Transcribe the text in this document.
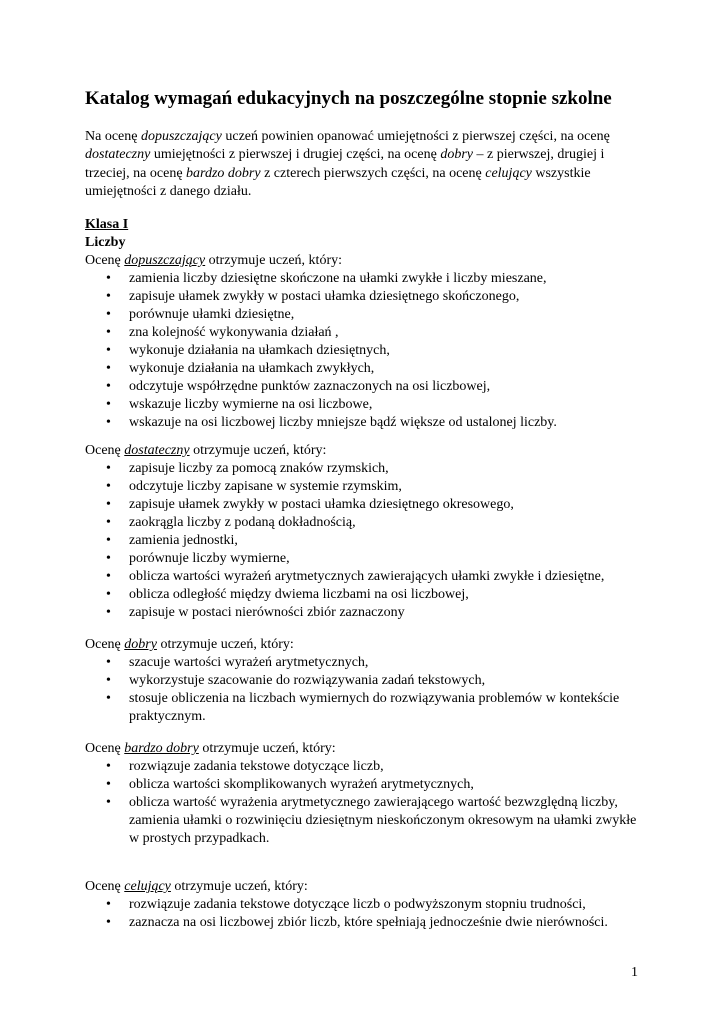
Katalog wymagań edukacyjnych na poszczególne stopnie szkolne

Na ocenę dopuszczający uczeń powinien opanować umiejętności z pierwszej części, na ocenę dostateczny umiejętności z pierwszej i drugiej części, na ocenę dobry – z pierwszej, drugiej i trzeciej, na ocenę bardzo dobry z czterech pierwszych części, na ocenę celujący wszystkie umiejętności z danego działu.

Klasa I

Liczby

Ocenę dopuszczający otrzymuje uczeń, który:

• zamienia liczby dziesiętne skończone na ułamki zwykłe i liczby mieszane,
• zapisuje ułamek zwykły w postaci ułamka dziesiętnego skończonego,
• porównuje ułamki dziesiętne,
• zna kolejność wykonywania działań ,
• wykonuje działania na ułamkach dziesiętnych,
• wykonuje działania na ułamkach zwykłych,
• odczytuje współrzędne punktów zaznaczonych na osi liczbowej,
• wskazuje liczby wymierne na osi liczbowe,
• wskazuje na osi liczbowej liczby mniejsze bądź większe od ustalonej liczby.

Ocenę dostateczny otrzymuje uczeń, który:

• zapisuje liczby za pomocą znaków rzymskich,
• odczytuje liczby zapisane w systemie rzymskim,
• zapisuje ułamek zwykły w postaci ułamka dziesiętnego okresowego,
• zaokrągla liczby z podaną dokładnością,
• zamienia jednostki,
• porównuje liczby wymierne,
• oblicza wartości wyrażeń arytmetycznych zawierających ułamki zwykłe i dziesiętne,
• oblicza odległość między dwiema liczbami na osi liczbowej,
• zapisuje w postaci nierówności zbiór zaznaczony

Ocenę dobry otrzymuje uczeń, który:

• szacuje wartości wyrażeń arytmetycznych,
• wykorzystuje szacowanie do rozwiązywania zadań tekstowych,
• stosuje obliczenia na liczbach wymiernych do rozwiązywania problemów w kontekście praktycznym.

Ocenę bardzo dobry otrzymuje uczeń, który:

• rozwiązuje zadania tekstowe dotyczące liczb,
• oblicza wartości skomplikowanych wyrażeń arytmetycznych,
• oblicza wartość wyrażenia arytmetycznego zawierającego wartość bezwzględną liczby, zamienia ułamki o rozwinięciu dziesiętnym nieskończonym okresowym na ułamki zwykłe w prostych przypadkach.

Ocenę celujący otrzymuje uczeń, który:

• rozwiązuje zadania tekstowe dotyczące liczb o podwyższonym stopniu trudności,
• zaznacza na osi liczbowej zbiór liczb, które spełniają jednocześnie dwie nierówności.
1
